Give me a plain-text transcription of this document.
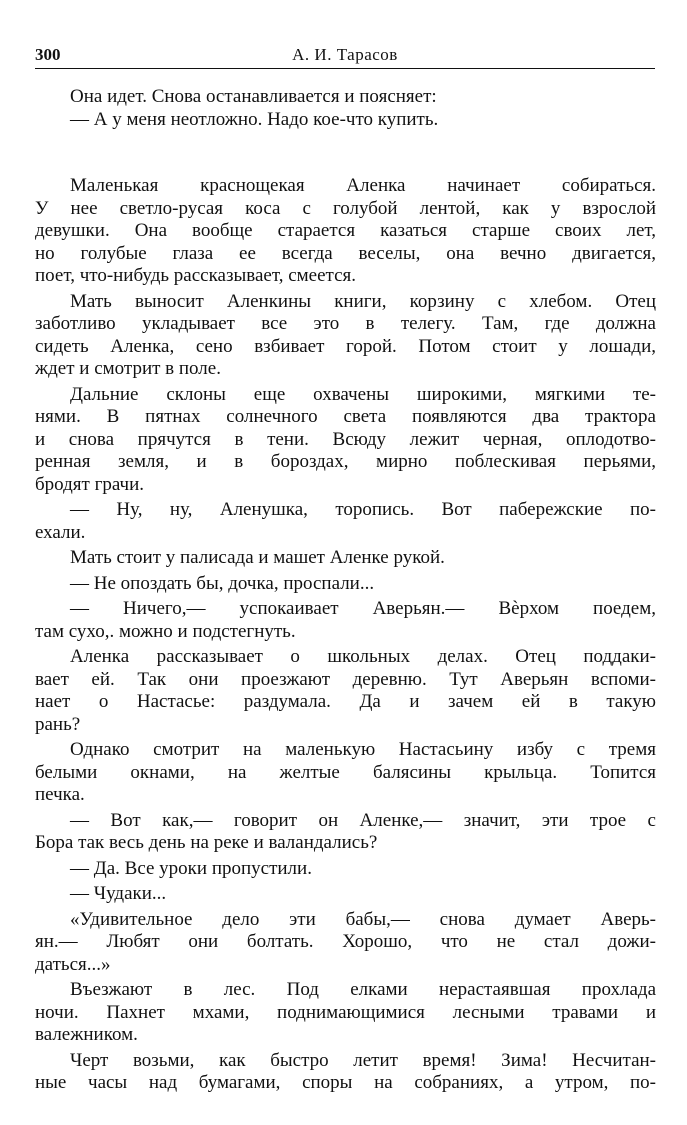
300	А. И. Тарасов
Она идет. Снова останавливается и поясняет:
— А у меня неотложно. Надо кое-что купить.
Маленькая краснощекая Аленка начинает собираться.
У нее светло-русая коса с голубой лентой, как у взрослой
девушки. Она вообще старается казаться старше своих лет,
но голубые глаза ее всегда веселы, она вечно двигается,
поет, что-нибудь рассказывает, смеется.
Мать выносит Аленкины книги, корзину с хлебом. Отец
заботливо укладывает все это в телегу. Там, где должна
сидеть Аленка, сено взбивает горой. Потом стоит у лошади,
ждет и смотрит в поле.
Дальние склоны еще охвачены широкими, мягкими те-
нями. В пятнах солнечного света появляются два трактора
и снова прячутся в тени. Всюду лежит черная, оплодотво-
ренная земля, и в бороздах, мирно поблескивая перьями,
бродят грачи.
— Ну, ну, Аленушка, торопись. Вот пабережские по-
ехали.
Мать стоит у палисада и машет Аленке рукой.
— Не опоздать бы, дочка, проспали...
— Ничего,— успокаивает Аверьян.— Вѐрхом поедем,
там сухо,. можно и подстегнуть.
Аленка рассказывает о школьных делах. Отец поддаки-
вает ей. Так они проезжают деревню. Тут Аверьян вспоми-
нает о Настасье: раздумала. Да и зачем ей в такую
рань?
Однако смотрит на маленькую Настасьину избу с тремя
белыми окнами, на желтые балясины крыльца. Топится
печка.
— Вот как,— говорит он Аленке,— значит, эти трое с
Бора так весь день на реке и валандались?
— Да. Все уроки пропустили.
— Чудаки...
«Удивительное дело эти бабы,— снова думает Аверь-
ян.— Любят они болтать. Хорошо, что не стал дожи-
даться...»
Въезжают в лес. Под елками нерастаявшая прохлада
ночи. Пахнет мхами, поднимающимися лесными травами и
валежником.
Черт возьми, как быстро летит время! Зима! Несчитан-
ные часы над бумагами, споры на собраниях, а утром, по-
